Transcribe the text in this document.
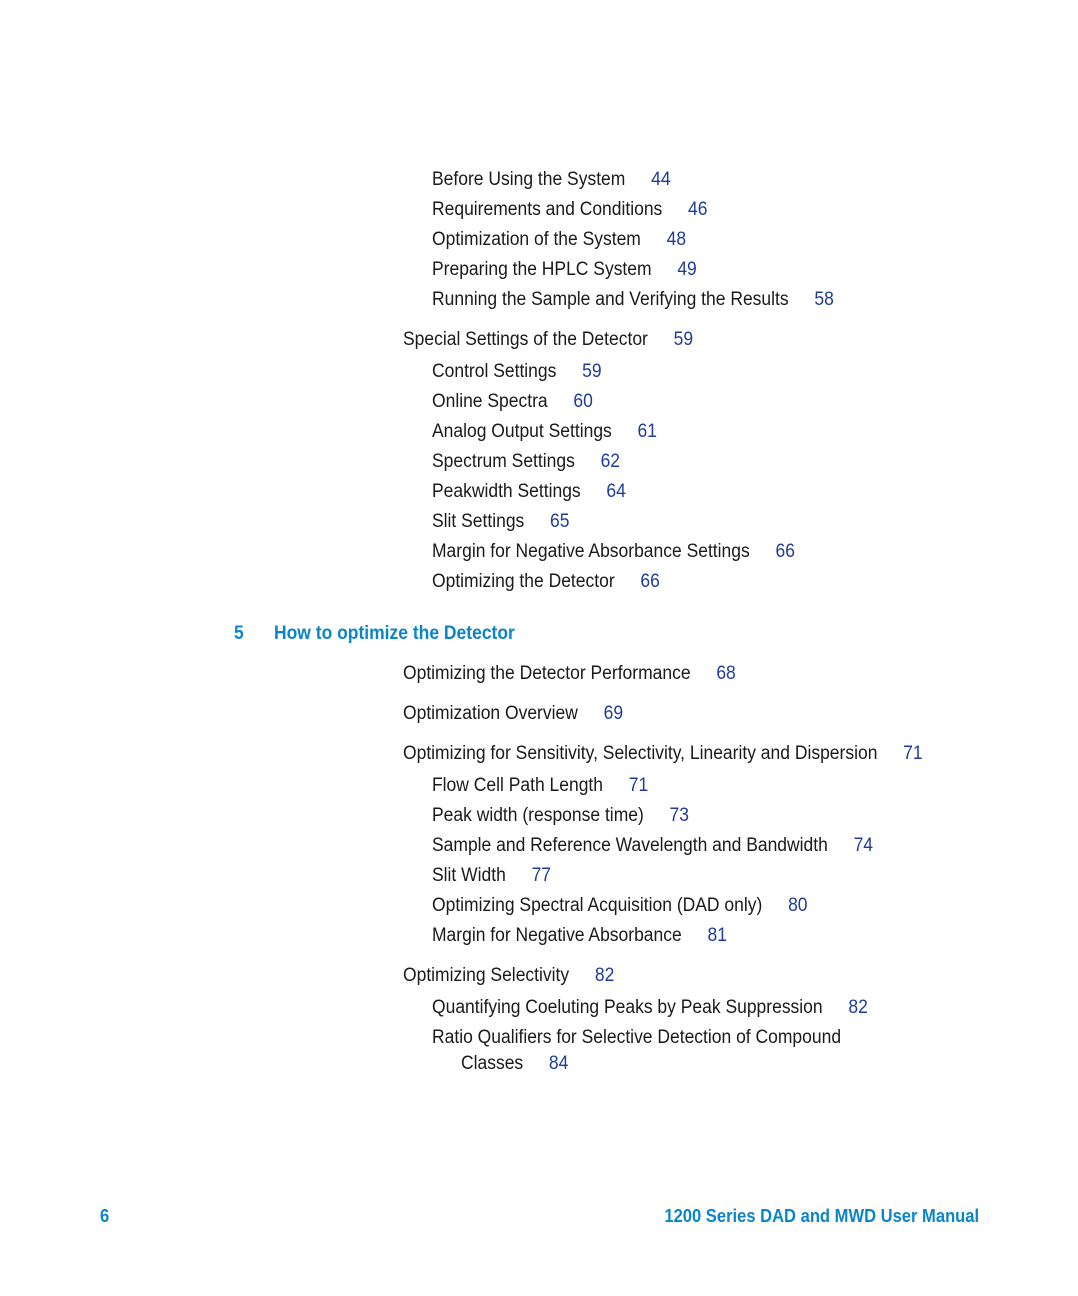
Before Using the System 44
Requirements and Conditions 46
Optimization of the System 48
Preparing the HPLC System 49
Running the Sample and Verifying the Results 58
Special Settings of the Detector 59
Control Settings 59
Online Spectra 60
Analog Output Settings 61
Spectrum Settings 62
Peakwidth Settings 64
Slit Settings 65
Margin for Negative Absorbance Settings 66
Optimizing the Detector 66
5 How to optimize the Detector
Optimizing the Detector Performance 68
Optimization Overview 69
Optimizing for Sensitivity, Selectivity, Linearity and Dispersion 71
Flow Cell Path Length 71
Peak width (response time) 73
Sample and Reference Wavelength and Bandwidth 74
Slit Width 77
Optimizing Spectral Acquisition (DAD only) 80
Margin for Negative Absorbance 81
Optimizing Selectivity 82
Quantifying Coeluting Peaks by Peak Suppression 82
Ratio Qualifiers for Selective Detection of Compound
Classes 84
6	1200 Series DAD and MWD User Manual
